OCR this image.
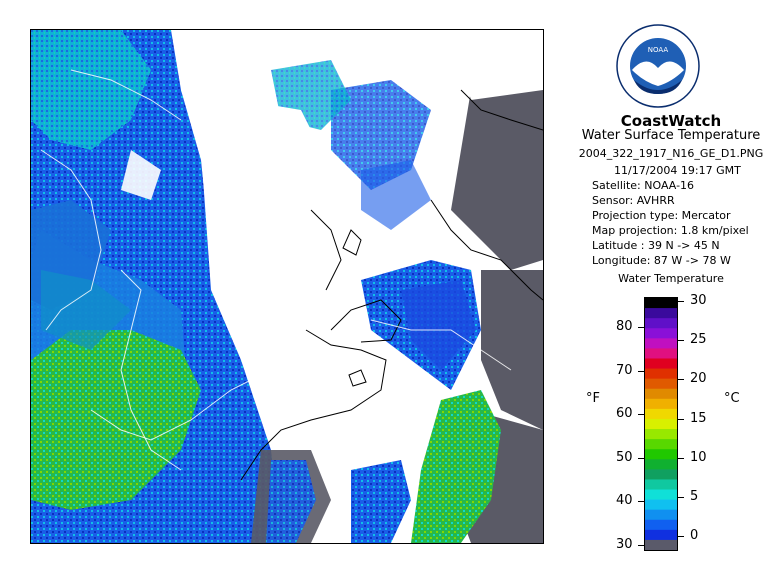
NOAA
CoastWatch
Water Surface Temperature
2004_322_1917_N16_GE_D1.PNG
11/17/2004 19:17 GMT
Satellite: NOAA-16
Sensor: AVHRR
Projection type: Mercator
Map projection: 1.8 km/pixel
Latitude : 39 N -> 45 N
Longitude: 87 W -> 78 W
Water Temperature
°F	°C
80
70
60
50
40
30
30
25
20
15
10
5
0
